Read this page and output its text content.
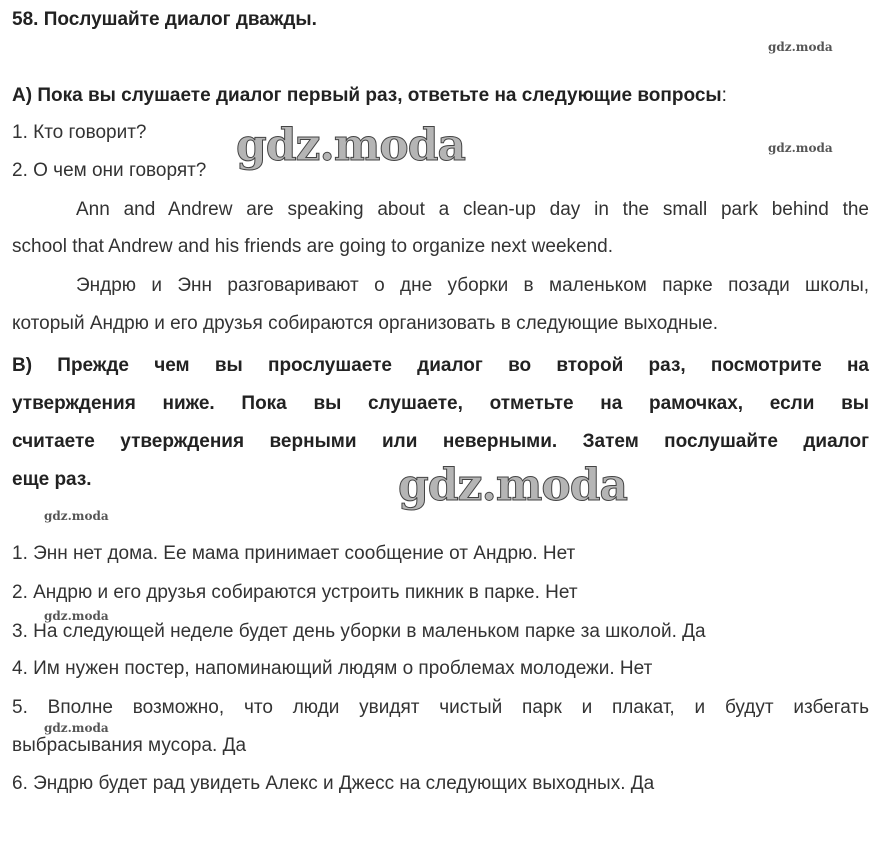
58. Послушайте диалог дважды.
А) Пока вы слушаете диалог первый раз, ответьте на следующие вопросы:
1. Кто говорит?
2. О чем они говорят?
Ann and Andrew are speaking about a clean-up day in the small park behind the
school that Andrew and his friends are going to organize next weekend.
Эндрю и Энн разговаривают о дне уборки в маленьком парке позади школы,
который Андрю и его друзья собираются организовать в следующие выходные.
В) Прежде чем вы прослушаете диалог во второй раз, посмотрите на
утверждения ниже. Пока вы слушаете, отметьте на рамочках, если вы
считаете утверждения верными или неверными. Затем послушайте диалог
еще раз.
1. Энн нет дома. Ее мама принимает сообщение от Андрю. Нет
2. Андрю и его друзья собираются устроить пикник в парке. Нет
3. На следующей неделе будет день уборки в маленьком парке за школой. Да
4. Им нужен постер, напоминающий людям о проблемах молодежи. Нет
5. Вполне возможно, что люди увидят чистый парк и плакат, и будут избегать
выбрасывания мусора. Да
6. Эндрю будет рад увидеть Алекс и Джесс на следующих выходных. Да
gdz.moda
gdz.moda
gdz.moda
gdz.moda
gdz.moda
gdz.moda
gdz.moda
